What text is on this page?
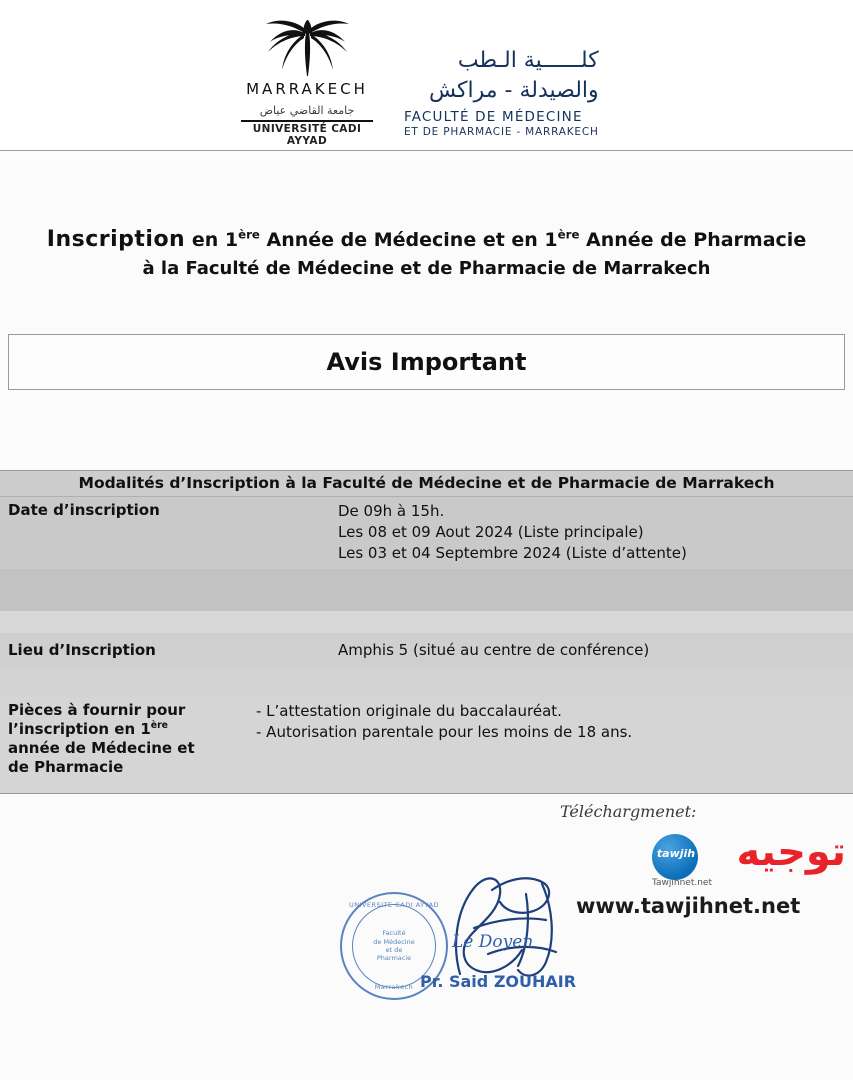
MARRAKECH
جامعة القاضي عياض
UNIVERSITÉ CADI AYYAD
كلــــــية الـطب
والصيدلة - مراكش
FACULTÉ DE MÉDECINE
ET DE PHARMACIE - MARRAKECH
Inscription en 1ère Année de Médecine et en 1ère Année de Pharmacie
à la Faculté de Médecine et de Pharmacie de Marrakech
Avis Important
Modalités d’Inscription à la Faculté de Médecine et de Pharmacie de Marrakech
Date d’inscription	De 09h à 15h.
Les 08 et 09 Aout 2024 (Liste principale)
Les 03 et 04 Septembre 2024 (Liste d’attente)
Lieu d’Inscription	Amphis 5 (situé au centre de conférence)
Pièces à fournir pour
l’inscription en 1ère
année de Médecine et
de Pharmacie
- L’attestation originale du baccalauréat.
- Autorisation parentale pour les moins de 18 ans.
Téléchargmenet:
توجيه
tawjih
Tawjihnet.net
www.tawjihnet.net
UNIVERSITE CADI AYYAD
Faculté
de Médecine
et de
Pharmacie
Marrakech
Le Doyen
Pr. Said ZOUHAIR
